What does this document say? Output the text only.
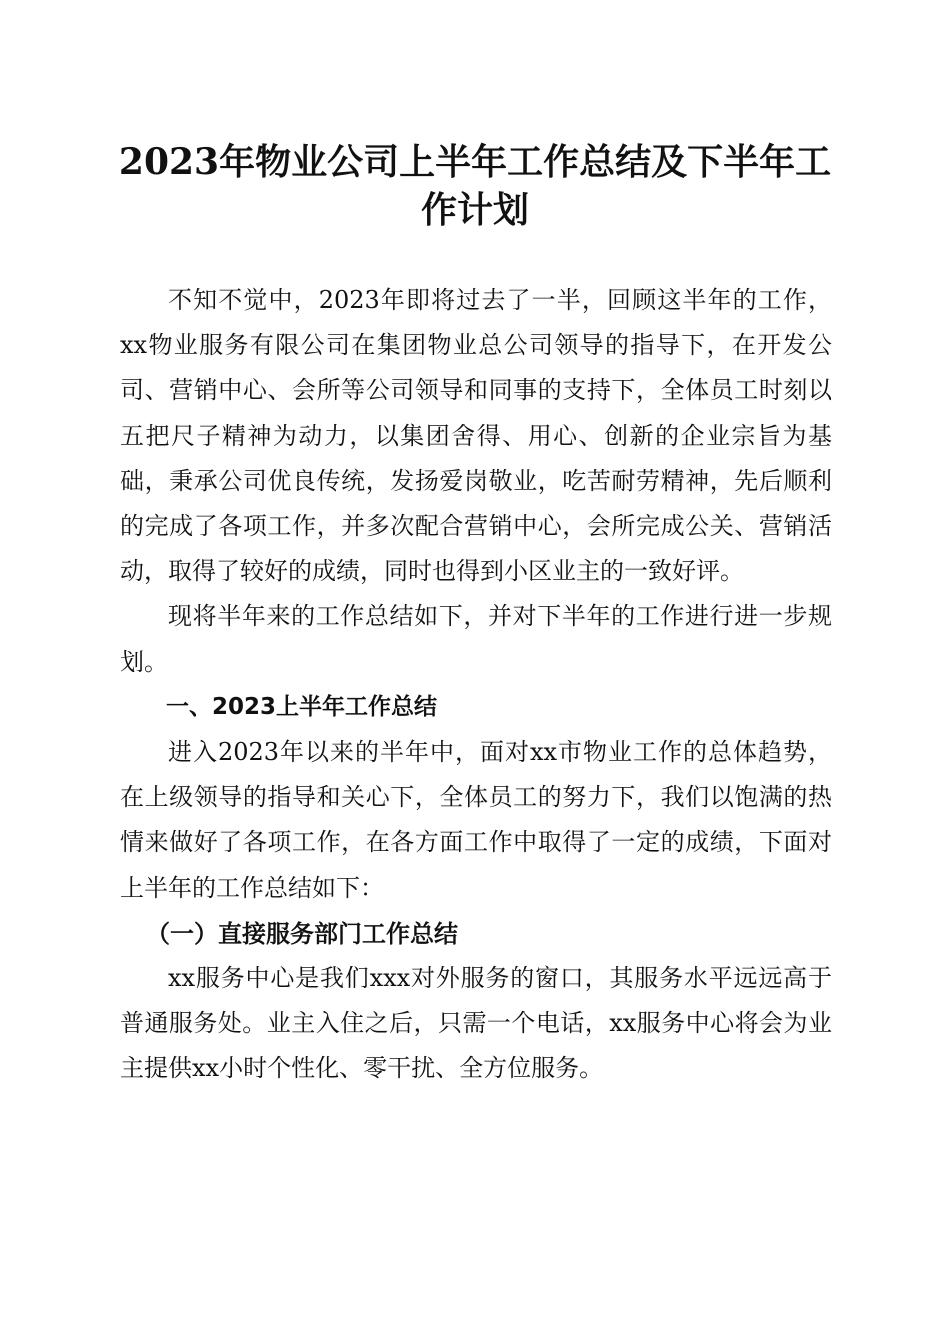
2023年物业公司上半年工作总结及下半年工
作计划

不知不觉中，2023年即将过去了一半，回顾这半年的工作，xx物业服务有限公司在集团物业总公司领导的指导下，在开发公司、营销中心、会所等公司领导和同事的支持下，全体员工时刻以五把尺子精神为动力，以集团舍得、用心、创新的企业宗旨为基础，秉承公司优良传统，发扬爱岗敬业，吃苦耐劳精神，先后顺利的完成了各项工作，并多次配合营销中心，会所完成公关、营销活动，取得了较好的成绩，同时也得到小区业主的一致好评。

现将半年来的工作总结如下，并对下半年的工作进行进一步规划。

一、2023上半年工作总结

进入2023年以来的半年中，面对xx市物业工作的总体趋势，在上级领导的指导和关心下，全体员工的努力下，我们以饱满的热情来做好了各项工作，在各方面工作中取得了一定的成绩，下面对上半年的工作总结如下：

（一）直接服务部门工作总结

xx服务中心是我们xxx对外服务的窗口，其服务水平远远高于普通服务处。业主入住之后，只需一个电话，xx服务中心将会为业主提供xx小时个性化、零干扰、全方位服务。
